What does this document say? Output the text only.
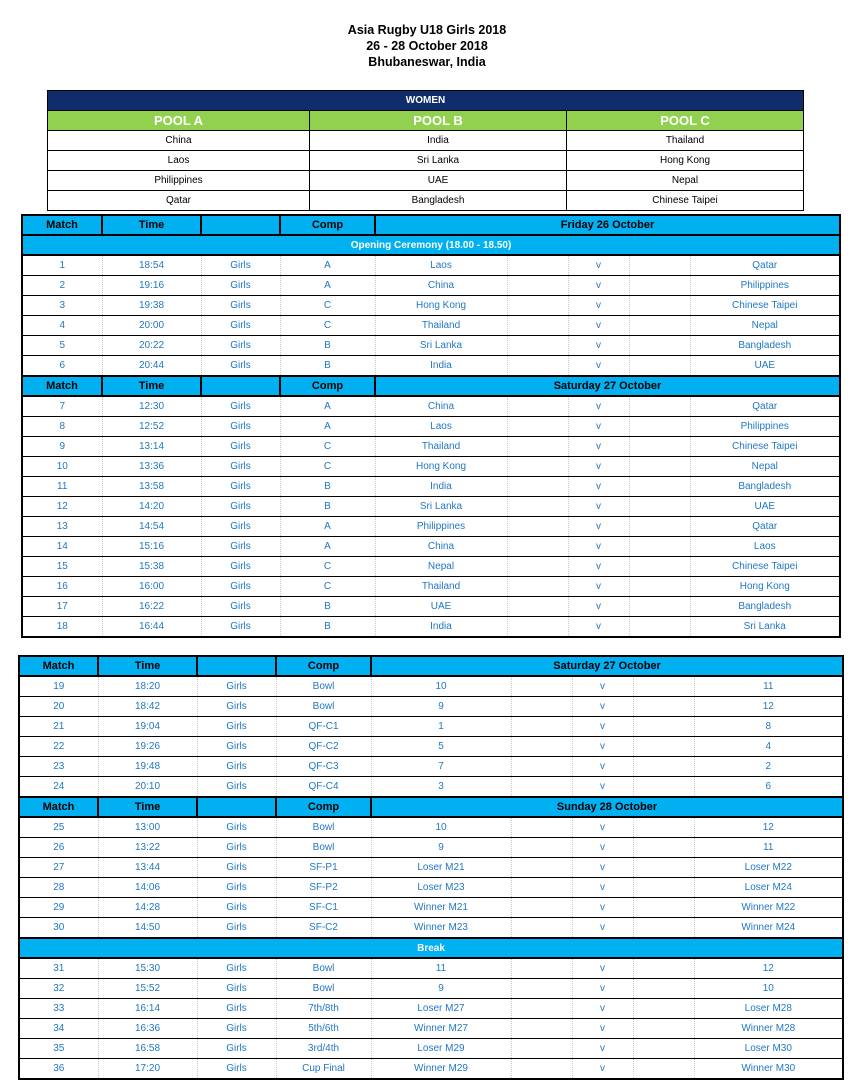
Asia Rugby U18 Girls 2018
26 - 28 October 2018
Bhubaneswar, India
WOMEN		
POOL A	POOL B	POOL C
China	India	Thailand
Laos	Sri Lanka	Hong Kong
Philippines	UAE	Nepal
Qatar	Bangladesh	Chinese Taipei
Match	Time		Comp	Friday 26 October				
Opening Ceremony (18.00 - 18.50)								
1	18:54	Girls	A	Laos		v		Qatar
2	19:16	Girls	A	China		v		Philippines
3	19:38	Girls	C	Hong Kong		v		Chinese Taipei
4	20:00	Girls	C	Thailand		v		Nepal
5	20:22	Girls	B	Sri Lanka		v		Bangladesh
6	20:44	Girls	B	India		v		UAE
Match	Time		Comp	Saturday 27 October				
7	12:30	Girls	A	China		v		Qatar
8	12:52	Girls	A	Laos		v		Philippines
9	13:14	Girls	C	Thailand		v		Chinese Taipei
10	13:36	Girls	C	Hong Kong		v		Nepal
11	13:58	Girls	B	India		v		Bangladesh
12	14:20	Girls	B	Sri Lanka		v		UAE
13	14:54	Girls	A	Philippines		v		Qatar
14	15:16	Girls	A	China		v		Laos
15	15:38	Girls	C	Nepal		v		Chinese Taipei
16	16:00	Girls	C	Thailand		v		Hong Kong
17	16:22	Girls	B	UAE		v		Bangladesh
18	16:44	Girls	B	India		v		Sri Lanka
Match	Time		Comp	Saturday 27 October				
19	18:20	Girls	Bowl	10		v		11
20	18:42	Girls	Bowl	9		v		12
21	19:04	Girls	QF-C1	1		v		8
22	19:26	Girls	QF-C2	5		v		4
23	19:48	Girls	QF-C3	7		v		2
24	20:10	Girls	QF-C4	3		v		6
Match	Time		Comp	Sunday 28 October				
25	13:00	Girls	Bowl	10		v		12
26	13:22	Girls	Bowl	9		v		11
27	13:44	Girls	SF-P1	Loser M21		v		Loser M22
28	14:06	Girls	SF-P2	Loser M23		v		Loser M24
29	14:28	Girls	SF-C1	Winner M21		v		Winner M22
30	14:50	Girls	SF-C2	Winner M23		v		Winner M24
Break								
31	15:30	Girls	Bowl	11		v		12
32	15:52	Girls	Bowl	9		v		10
33	16:14	Girls	7th/8th	Loser M27		v		Loser M28
34	16:36	Girls	5th/6th	Winner M27		v		Winner M28
35	16:58	Girls	3rd/4th	Loser M29		v		Loser M30
36	17:20	Girls	Cup Final	Winner M29		v		Winner M30
